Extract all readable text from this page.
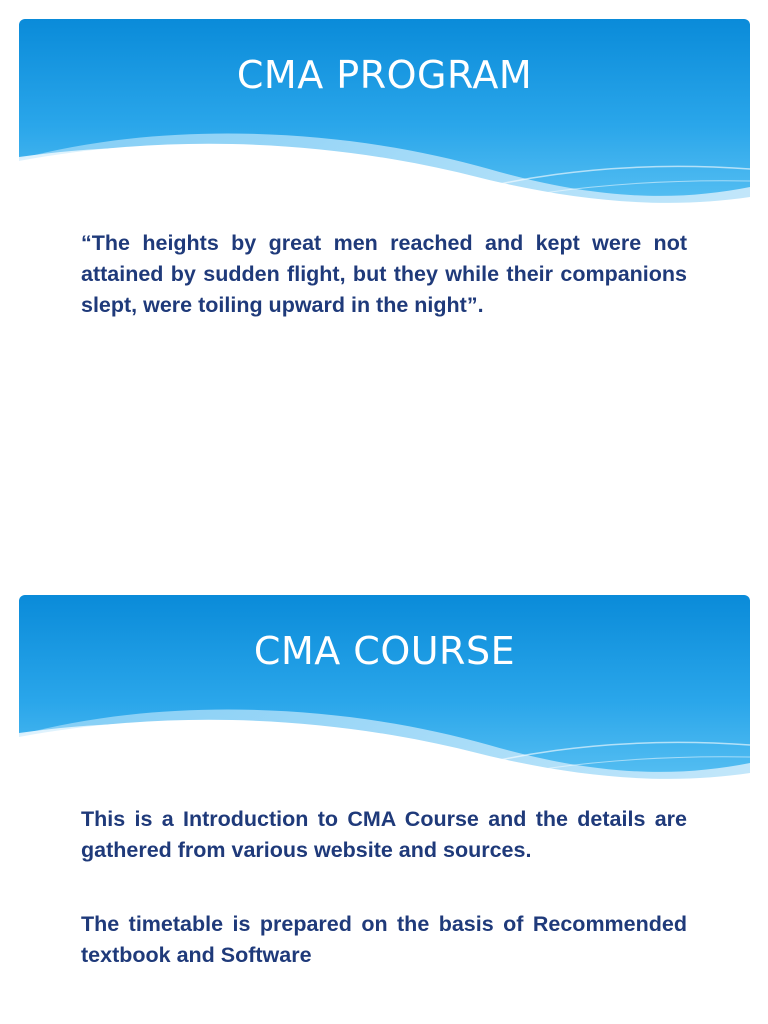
CMA PROGRAM

“The heights by great men reached and kept were not attained by sudden flight, but they while their companions slept, were toiling upward in the night”.

CMA COURSE

This is a Introduction to CMA Course and the details are gathered from various website and sources.

The timetable is prepared on the basis of Recommended textbook and Software
